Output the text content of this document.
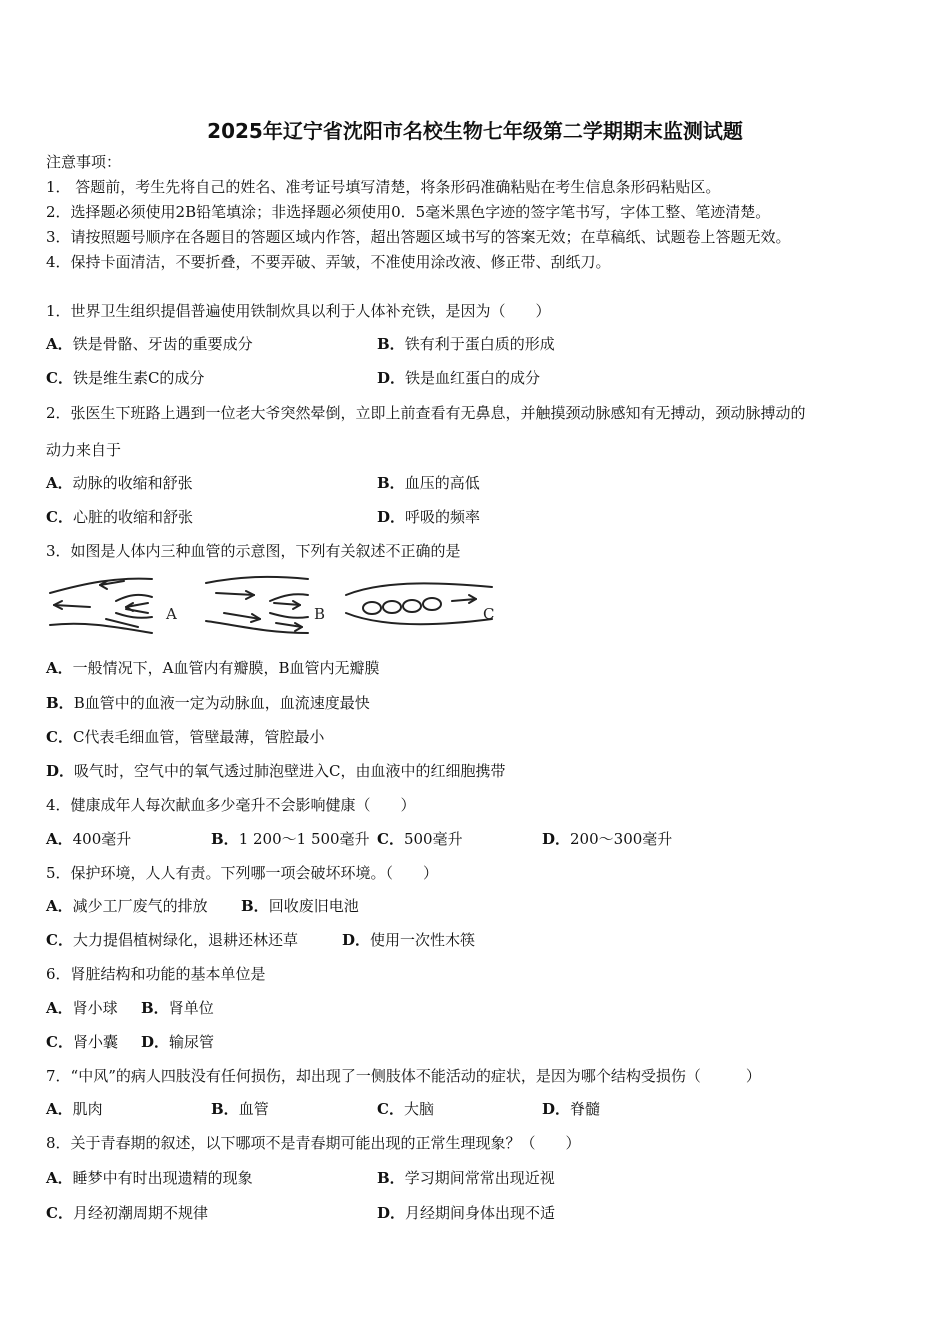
2025年辽宁省沈阳市名校生物七年级第二学期期末监测试题
注意事项：
1． 答题前，考生先将自己的姓名、准考证号填写清楚，将条形码准确粘贴在考生信息条形码粘贴区。
2．选择题必须使用2B铅笔填涂；非选择题必须使用0．5毫米黑色字迹的签字笔书写，字体工整、笔迹清楚。
3．请按照题号顺序在各题目的答题区域内作答，超出答题区域书写的答案无效；在草稿纸、试题卷上答题无效。
4．保持卡面清洁，不要折叠，不要弄破、弄皱，不准使用涂改液、修正带、刮纸刀。
1．世界卫生组织提倡普遍使用铁制炊具以利于人体补充铁，是因为（　　）
A．铁是骨骼、牙齿的重要成分	B．铁有利于蛋白质的形成
C．铁是维生素C的成分	D．铁是血红蛋白的成分
2．张医生下班路上遇到一位老大爷突然晕倒，立即上前查看有无鼻息，并触摸颈动脉感知有无搏动，颈动脉搏动的
动力来自于
A．动脉的收缩和舒张	B．血压的高低
C．心脏的收缩和舒张	D．呼吸的频率
3．如图是人体内三种血管的示意图，下列有关叙述不正确的是
A	B	C
A．一般情况下，A血管内有瓣膜，B血管内无瓣膜
B．B血管中的血液一定为动脉血，血流速度最快
C．C代表毛细血管，管壁最薄，管腔最小
D．吸气时，空气中的氧气透过肺泡壁进入C，由血液中的红细胞携带
4．健康成年人每次献血多少毫升不会影响健康（　　）
A．400毫升	B．1 200～1 500毫升 C．500毫升	D．200～300毫升
5．保护环境，人人有责。下列哪一项会破坏环境。（　　）
A．减少工厂废气的排放 B．回收废旧电池
C．大力提倡植树绿化，退耕还林还草	D．使用一次性木筷
6．肾脏结构和功能的基本单位是
A．肾小球 B．肾单位
C．肾小囊 D．输尿管
7．“中风”的病人四肢没有任何损伤，却出现了一侧肢体不能活动的症状，是因为哪个结构受损伤（　　　）
A．肌肉	B．血管	C．大脑	D．脊髓
8．关于青春期的叙述，以下哪项不是青春期可能出现的正常生理现象？（　　）
A．睡梦中有时出现遗精的现象	B．学习期间常常出现近视
C．月经初潮周期不规律	D．月经期间身体出现不适
